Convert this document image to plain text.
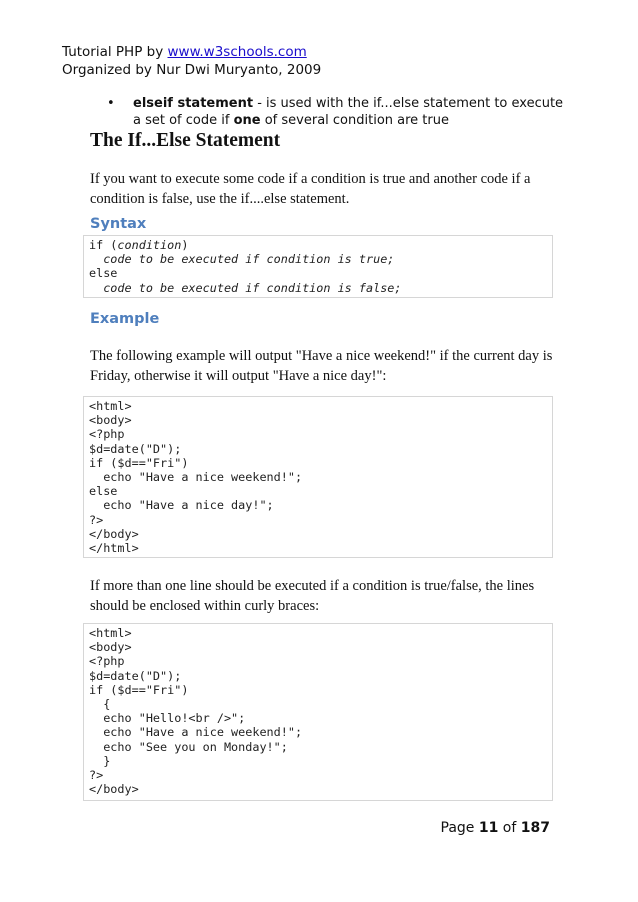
Tutorial PHP by www.w3schools.com
Organized by Nur Dwi Muryanto, 2009
• elseif statement - is used with the if...else statement to execute a set of code if one of several condition are true
The If...Else Statement
If you want to execute some code if a condition is true and another code if a condition is false, use the if....else statement.
Syntax
if (condition)
code to be executed if condition is true;
else
code to be executed if condition is false;
Example
The following example will output "Have a nice weekend!" if the current day is Friday, otherwise it will output "Have a nice day!":
<html>
<body>
<?php
$d=date("D");
if ($d=="Fri")
echo "Have a nice weekend!";
else
echo "Have a nice day!";
?>
</body>
</html>
If more than one line should be executed if a condition is true/false, the lines should be enclosed within curly braces:
<html>
<body>
<?php
$d=date("D");
if ($d=="Fri")
{
echo "Hello!<br />";
echo "Have a nice weekend!";
echo "See you on Monday!";
}
?>
</body>
Page 11 of 187
